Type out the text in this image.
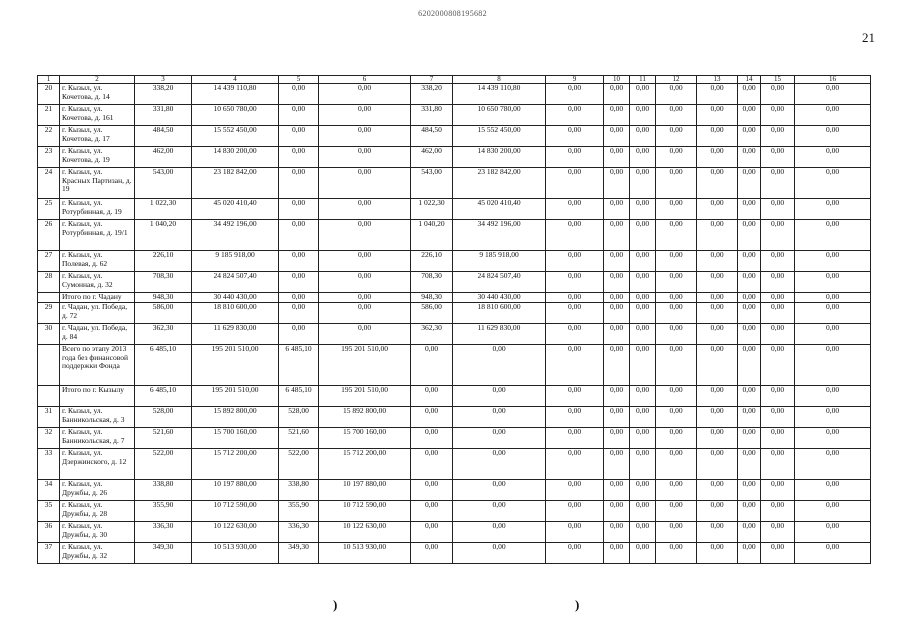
6202000808195682
21
1	2	3	4	5	6	7	8	9	10	11	12	13	14	15	16
20	г. Кызыл, ул. Кочетова, д. 14	338,20	14 439 110,80	0,00	0,00	338,20	14 439 110,80	0,00	0,00	0,00	0,00	0,00	0,00	0,00	0,00
21	г. Кызыл, ул. Кочетова, д. 161	331,80	10 650 780,00	0,00	0,00	331,80	10 650 780,00	0,00	0,00	0,00	0,00	0,00	0,00	0,00	0,00
22	г. Кызыл, ул. Кочетова, д. 17	484,50	15 552 450,00	0,00	0,00	484,50	15 552 450,00	0,00	0,00	0,00	0,00	0,00	0,00	0,00	0,00
23	г. Кызыл, ул. Кочетова, д. 19	462,00	14 830 200,00	0,00	0,00	462,00	14 830 200,00	0,00	0,00	0,00	0,00	0,00	0,00	0,00	0,00
24	г. Кызыл, ул. Красных Партизан, д. 19	543,00	23 182 842,00	0,00	0,00	543,00	23 182 842,00	0,00	0,00	0,00	0,00	0,00	0,00	0,00	0,00
25	г. Кызыл, ул. Ротурбинная, д. 19	1 022,30	45 020 410,40	0,00	0,00	1 022,30	45 020 410,40	0,00	0,00	0,00	0,00	0,00	0,00	0,00	0,00
26	г. Кызыл, ул. Ротурбинная, д. 19/1	1 040,20	34 492 196,00	0,00	0,00	1 040,20	34 492 196,00	0,00	0,00	0,00	0,00	0,00	0,00	0,00	0,00
27	г. Кызыл, ул. Полевая, д. 62	226,10	9 185 918,00	0,00	0,00	226,10	9 185 918,00	0,00	0,00	0,00	0,00	0,00	0,00	0,00	0,00
28	г. Кызыл, ул. Сумонная, д. 32	708,30	24 824 507,40	0,00	0,00	708,30	24 824 507,40	0,00	0,00	0,00	0,00	0,00	0,00	0,00	0,00
	Итого по г. Чадану	948,30	30 440 430,00	0,00	0,00	948,30	30 440 430,00	0,00	0,00	0,00	0,00	0,00	0,00	0,00	0,00
29	г. Чадан, ул. Победа, д. 72	586,00	18 810 600,00	0,00	0,00	586,00	18 810 600,00	0,00	0,00	0,00	0,00	0,00	0,00	0,00	0,00
30	г. Чадан, ул. Победа, д. 84	362,30	11 629 830,00	0,00	0,00	362,30	11 629 830,00	0,00	0,00	0,00	0,00	0,00	0,00	0,00	0,00
	Всего по этапу 2013 года без финансовой поддержки Фонда	6 485,10	195 201 510,00	6 485,10	195 201 510,00	0,00	0,00	0,00	0,00	0,00	0,00	0,00	0,00	0,00	0,00
	Итого по г. Кызылу	6 485,10	195 201 510,00	6 485,10	195 201 510,00	0,00	0,00	0,00	0,00	0,00	0,00	0,00	0,00	0,00	0,00
31	г. Кызыл, ул. Банникольская, д. 3	528,00	15 892 800,00	528,00	15 892 800,00	0,00	0,00	0,00	0,00	0,00	0,00	0,00	0,00	0,00	0,00
32	г. Кызыл, ул. Банникольская, д. 7	521,60	15 700 160,00	521,60	15 700 160,00	0,00	0,00	0,00	0,00	0,00	0,00	0,00	0,00	0,00	0,00
33	г. Кызыл, ул. Дзержинского, д. 12	522,00	15 712 200,00	522,00	15 712 200,00	0,00	0,00	0,00	0,00	0,00	0,00	0,00	0,00	0,00	0,00
34	г. Кызыл, ул. Дружбы, д. 26	338,80	10 197 880,00	338,80	10 197 880,00	0,00	0,00	0,00	0,00	0,00	0,00	0,00	0,00	0,00	0,00
35	г. Кызыл, ул. Дружбы, д. 28	355,90	10 712 590,00	355,90	10 712 590,00	0,00	0,00	0,00	0,00	0,00	0,00	0,00	0,00	0,00	0,00
36	г. Кызыл, ул. Дружбы, д. 30	336,30	10 122 630,00	336,30	10 122 630,00	0,00	0,00	0,00	0,00	0,00	0,00	0,00	0,00	0,00	0,00
37	г. Кызыл, ул. Дружбы, д. 32	349,30	10 513 930,00	349,30	10 513 930,00	0,00	0,00	0,00	0,00	0,00	0,00	0,00	0,00	0,00	0,00
)	)
